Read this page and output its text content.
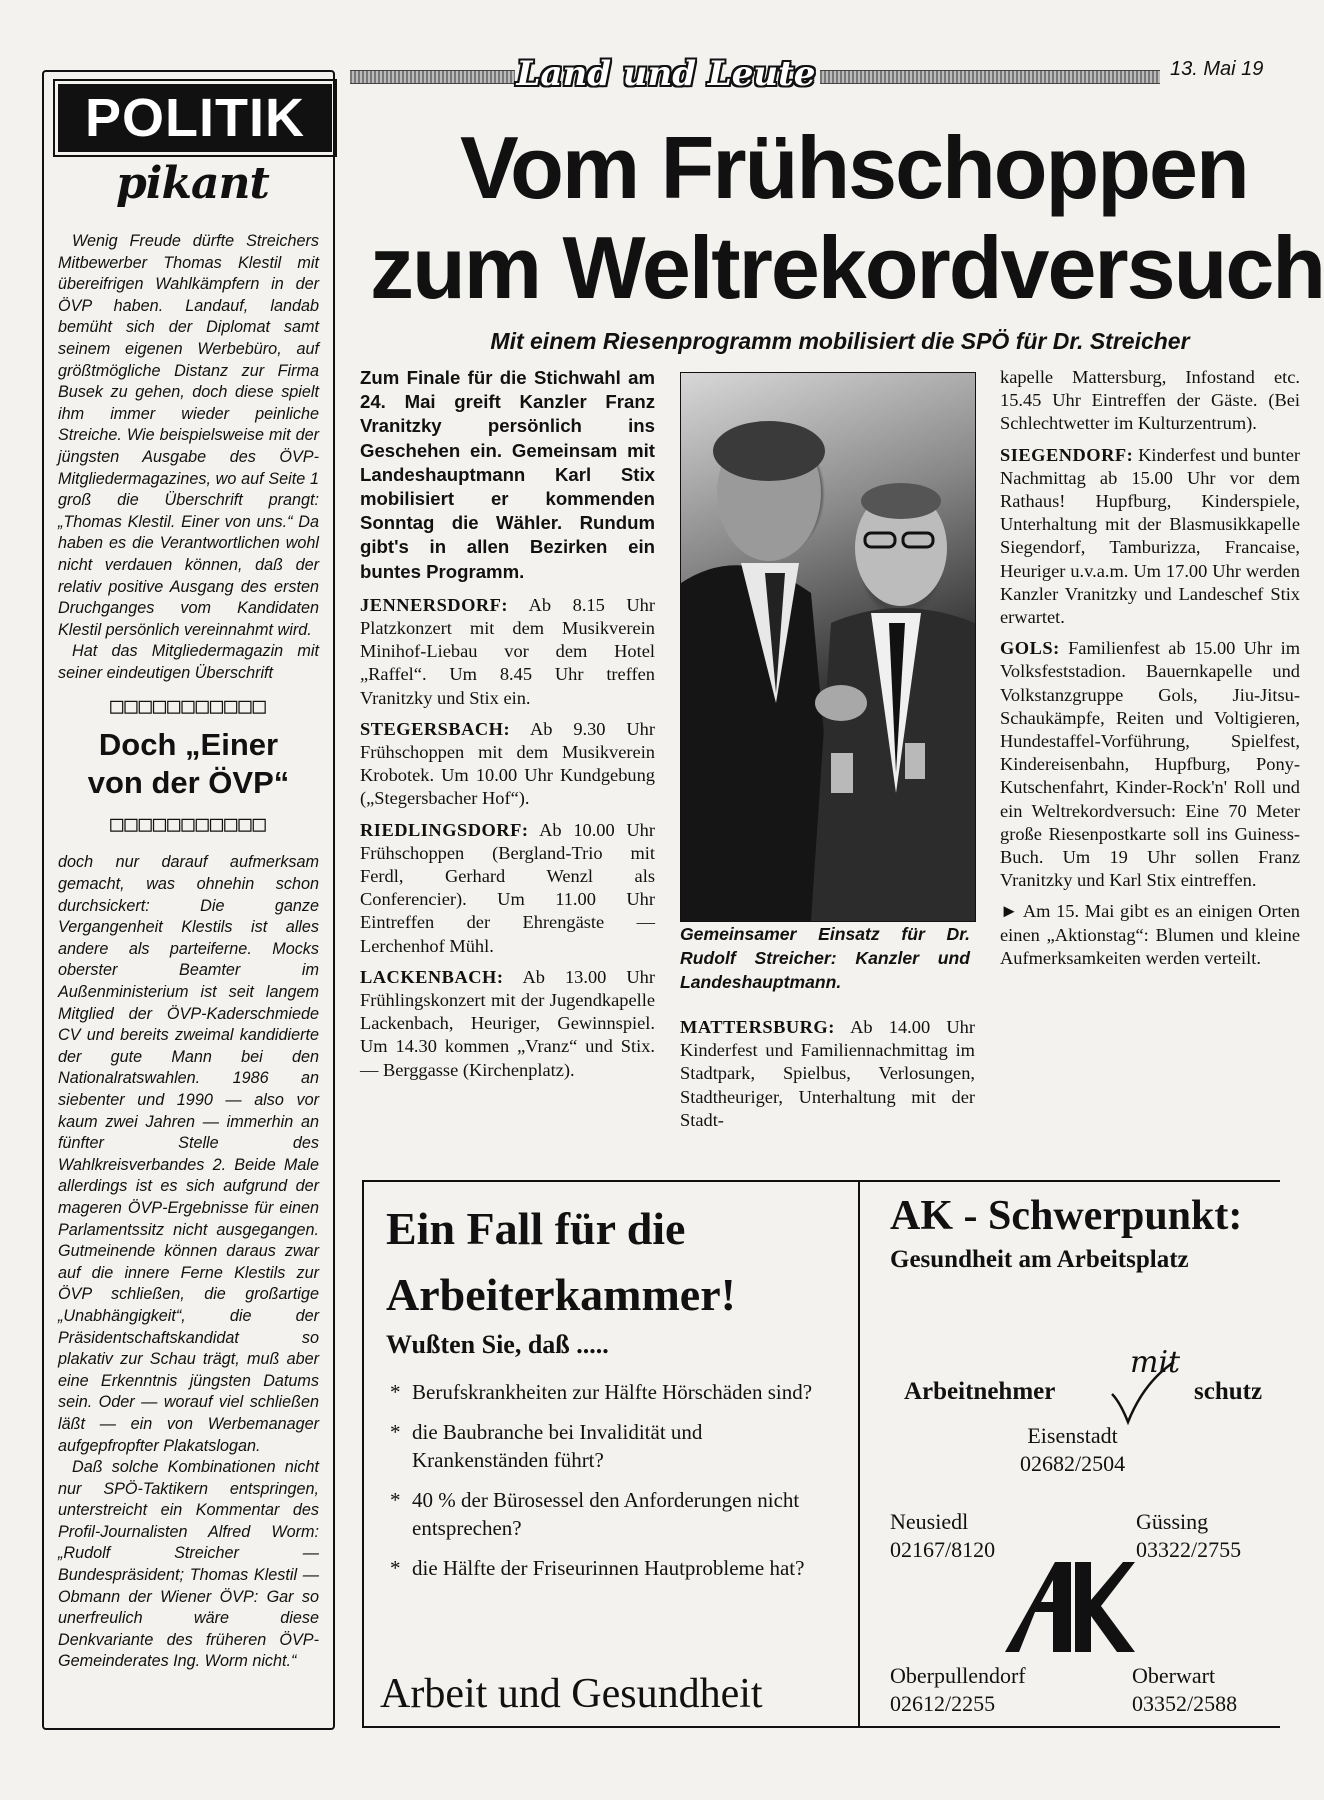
POLITIK
pikant

Wenig Freude dürfte Streichers Mitbewerber Thomas Klestil mit übereifrigen Wahlkämpfern in der ÖVP haben. Landauf, landab bemüht sich der Diplomat samt seinem eigenen Werbebüro, auf größtmögliche Distanz zur Firma Busek zu gehen, doch diese spielt ihm immer wieder peinliche Streiche. Wie beispielsweise mit der jüngsten Ausgabe des ÖVP-Mitgliedermagazines, wo auf Seite 1 groß die Überschrift prangt: „Thomas Klestil. Einer von uns.“ Da haben es die Verantwortlichen wohl nicht verdauen können, daß der relativ positive Ausgang des ersten Druchganges vom Kandidaten Klestil persönlich vereinnahmt wird.

Hat das Mitgliedermagazin mit seiner eindeutigen Überschrift

□□□□□□□□□□□
Doch „Einer
von der ÖVP“
□□□□□□□□□□□

doch nur darauf aufmerksam gemacht, was ohnehin schon durchsickert: Die ganze Vergangenheit Klestils ist alles andere als parteiferne. Mocks oberster Beamter im Außenministerium ist seit langem Mitglied der ÖVP-Kaderschmiede CV und bereits zweimal kandidierte der gute Mann bei den Nationalratswahlen. 1986 an siebenter und 1990 — also vor kaum zwei Jahren — immerhin an fünfter Stelle des Wahlkreisverbandes 2. Beide Male allerdings ist es sich aufgrund der mageren ÖVP-Ergebnisse für einen Parlamentssitz nicht ausgegangen. Gutmeinende können daraus zwar auf die innere Ferne Klestils zur ÖVP schließen, die großartige „Unabhängigkeit“, die der Präsidentschaftskandidat so plakativ zur Schau trägt, muß aber eine Erkenntnis jüngsten Datums sein. Oder — worauf viel schließen läßt — ein von Werbemanager aufgepfropfter Plakatslogan.

Daß solche Kombinationen nicht nur SPÖ-Taktikern entspringen, unterstreicht ein Kommentar des Profil-Journalisten Alfred Worm: „Rudolf Streicher — Bundespräsident; Thomas Klestil — Obmann der Wiener ÖVP: Gar so unerfreulich wäre diese Denkvariante des früheren ÖVP-Gemeinderates Ing. Worm nicht.“

Land und Leute	13. Mai 19
Vom Frühschoppen
zum Weltrekordversuch
Mit einem Riesenprogramm mobilisiert die SPÖ für Dr. Streicher

Zum Finale für die Stichwahl am 24. Mai greift Kanzler Franz Vranitzky persönlich ins Geschehen ein. Gemeinsam mit Landeshauptmann Karl Stix mobilisiert er kommenden Sonntag die Wähler. Rundum gibt's in allen Bezirken ein buntes Programm.

JENNERSDORF: Ab 8.15 Uhr Platzkonzert mit dem Musikverein Minihof-Liebau vor dem Hotel „Raffel“. Um 8.45 Uhr treffen Vranitzky und Stix ein.

STEGERSBACH: Ab 9.30 Uhr Frühschoppen mit dem Musikverein Krobotek. Um 10.00 Uhr Kundgebung („Stegersbacher Hof“).

RIEDLINGSDORF: Ab 10.00 Uhr Frühschoppen (Bergland-Trio mit Ferdl, Gerhard Wenzl als Conferencier). Um 11.00 Uhr Eintreffen der Ehrengäste — Lerchenhof Mühl.

LACKENBACH: Ab 13.00 Uhr Frühlingskonzert mit der Jugendkapelle Lackenbach, Heuriger, Gewinnspiel. Um 14.30 kommen „Vranz“ und Stix. — Berggasse (Kirchenplatz).

Gemeinsamer Einsatz für Dr. Rudolf Streicher: Kanzler und Landeshauptmann.

MATTERSBURG: Ab 14.00 Uhr Kinderfest und Familiennachmittag im Stadtpark, Spielbus, Verlosungen, Stadtheuriger, Unterhaltung mit der Stadt-

kapelle Mattersburg, Infostand etc. 15.45 Uhr Eintreffen der Gäste. (Bei Schlechtwetter im Kulturzentrum).

SIEGENDORF: Kinderfest und bunter Nachmittag ab 15.00 Uhr vor dem Rathaus! Hupfburg, Kinderspiele, Unterhaltung mit der Blasmusikkapelle Siegendorf, Tamburizza, Francaise, Heuriger u.v.a.m. Um 17.00 Uhr werden Kanzler Vranitzky und Landeschef Stix erwartet.

GOLS: Familienfest ab 15.00 Uhr im Volksfeststadion. Bauernkapelle und Volkstanzgruppe Gols, Jiu-Jitsu-Schaukämpfe, Reiten und Voltigieren, Hundestaffel-Vorführung, Spielfest, Kindereisenbahn, Hupfburg, Pony-Kutschenfahrt, Kinder-Rock'n' Roll und ein Weltrekordversuch: Eine 70 Meter große Riesenpostkarte soll ins Guiness-Buch. Um 19 Uhr sollen Franz Vranitzky und Karl Stix eintreffen.

► Am 15. Mai gibt es an einigen Orten einen „Aktionstag“: Blumen und kleine Aufmerksamkeiten werden verteilt.

Ein Fall für die
Arbeiterkammer!
Wußten Sie, daß .....
* Berufskrankheiten zur Hälfte Hörschäden sind?
* die Baubranche bei Invalidität und Krankenständen führt?
* 40 % der Bürosessel den Anforderungen nicht entsprechen?
* die Hälfte der Friseurinnen Hautprobleme hat?
Arbeit und Gesundheit
AK - Schwerpunkt:
Gesundheit am Arbeitsplatz
Arbeitnehmer
mit
schutz
Eisenstadt
02682/2504
Neusiedl
02167/8120
Güssing
03322/2755
Oberpullendorf
02612/2255
Oberwart
03352/2588
